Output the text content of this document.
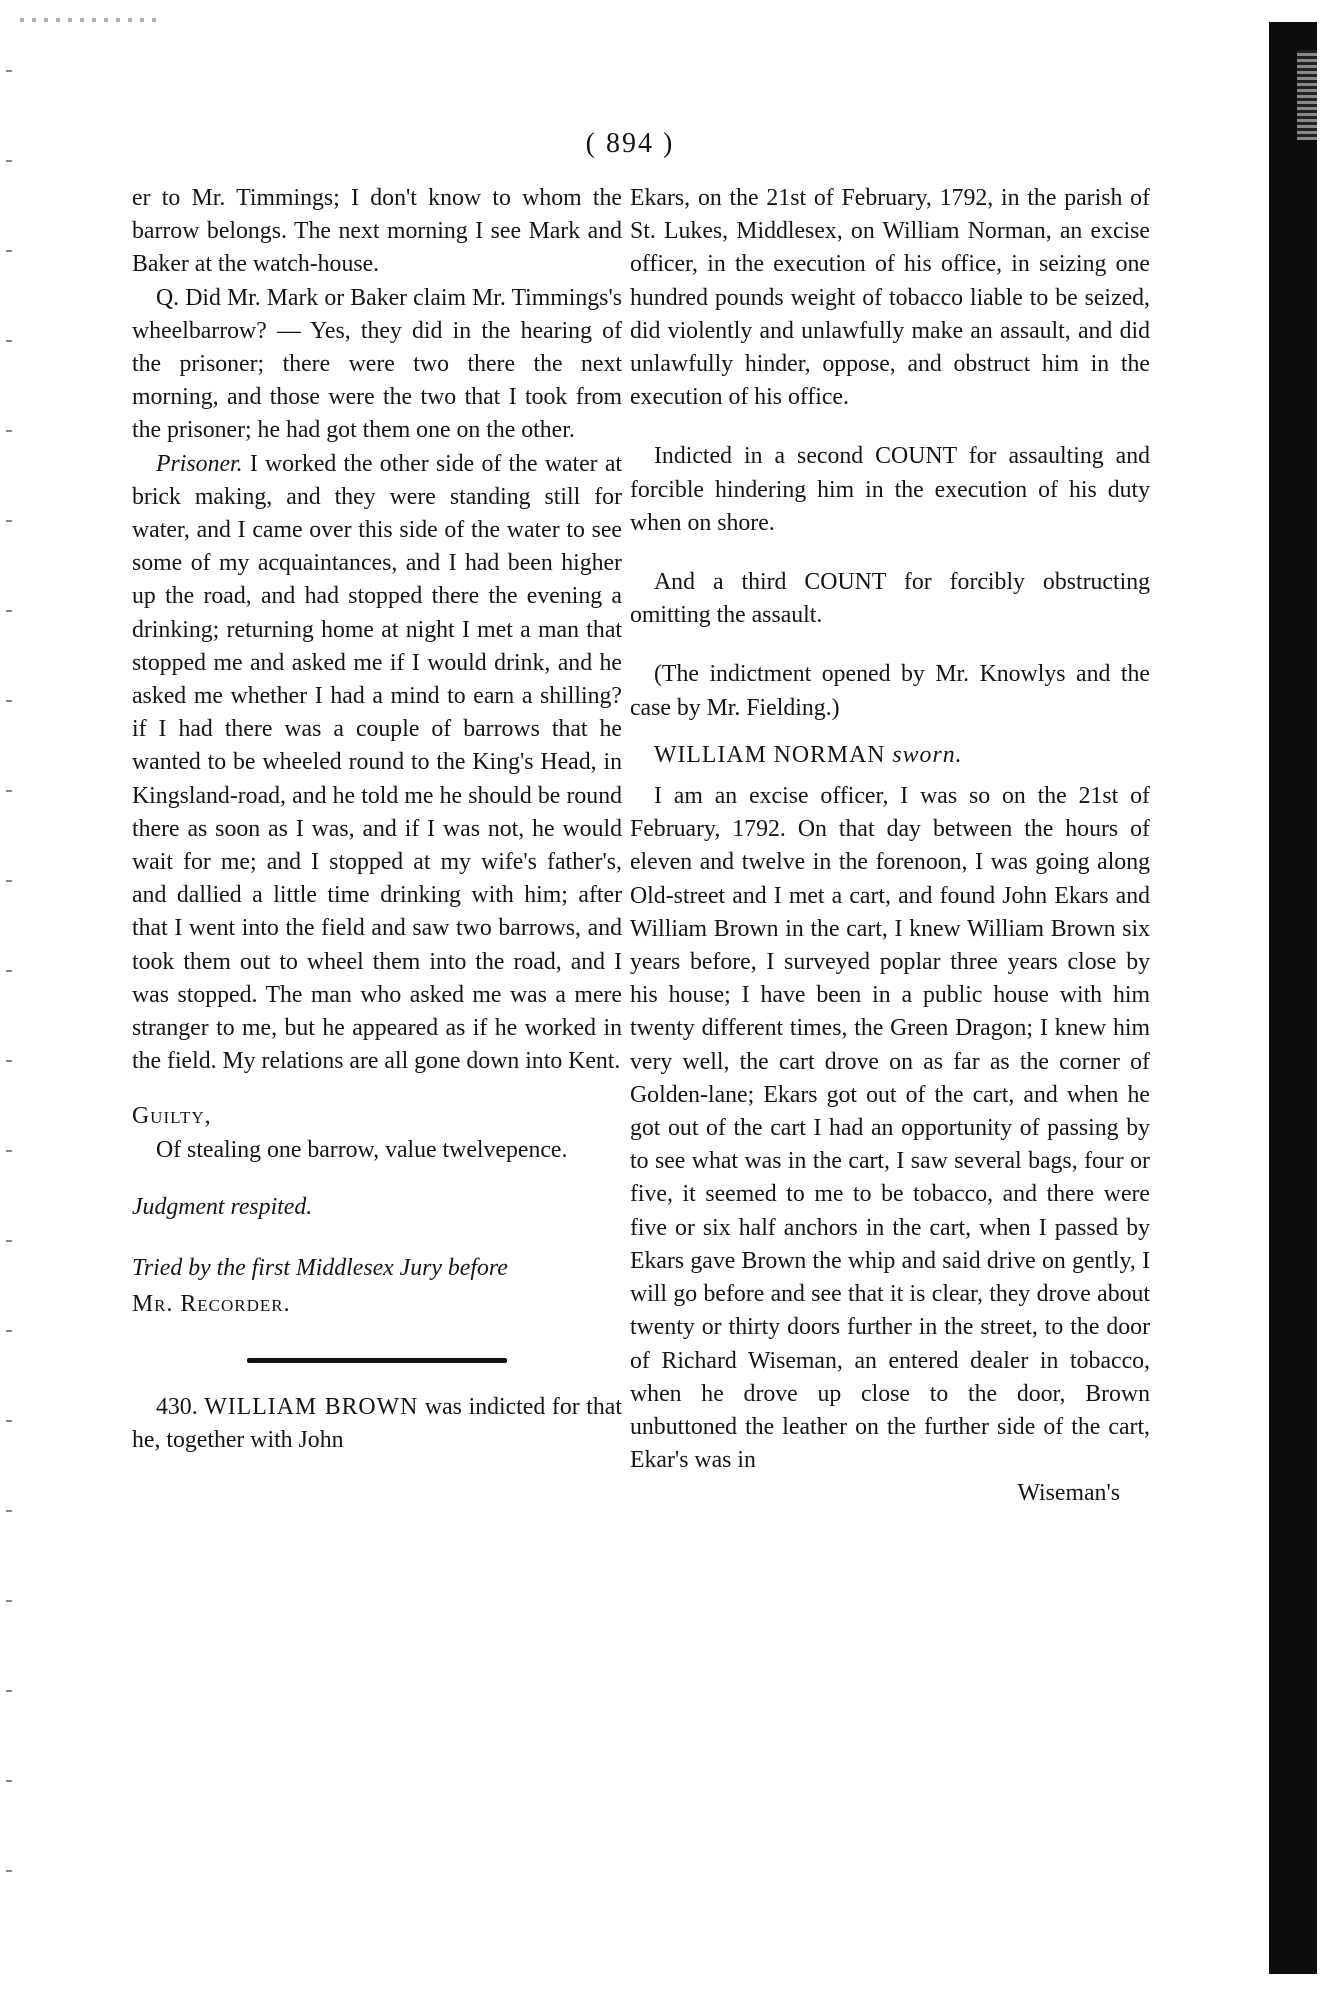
( 894 )

er to Mr. Timmings; I don't know to whom the barrow belongs. The next morning I see Mark and Baker at the watch-house.

Q. Did Mr. Mark or Baker claim Mr. Timmings's wheelbarrow? — Yes, they did in the hearing of the prisoner; there were two there the next morning, and those were the two that I took from the prisoner; he had got them one on the other.

Prisoner. I worked the other side of the water at brick making, and they were standing still for water, and I came over this side of the water to see some of my acquaintances, and I had been higher up the road, and had stopped there the evening a drinking; returning home at night I met a man that stopped me and asked me if I would drink, and he asked me whether I had a mind to earn a shilling? if I had there was a couple of barrows that he wanted to be wheeled round to the King's Head, in Kingsland-road, and he told me he should be round there as soon as I was, and if I was not, he would wait for me; and I stopped at my wife's father's, and dallied a little time drinking with him; after that I went into the field and saw two barrows, and took them out to wheel them into the road, and I was stopped. The man who asked me was a mere stranger to me, but he appeared as if he worked in the field. My relations are all gone down into Kent.

Guilty,

Of stealing one barrow, value twelvepence.

Judgment respited.

Tried by the first Middlesex Jury before
Mr. Recorder.

430. WILLIAM BROWN was indicted for that he, together with John

Ekars, on the 21st of February, 1792, in the parish of St. Lukes, Middlesex, on William Norman, an excise officer, in the execution of his office, in seizing one hundred pounds weight of tobacco liable to be seized, did violently and unlawfully make an assault, and did unlawfully hinder, oppose, and obstruct him in the execution of his office.

Indicted in a second COUNT for assaulting and forcible hindering him in the execution of his duty when on shore.

And a third COUNT for forcibly obstructing omitting the assault.

(The indictment opened by Mr. Knowlys and the case by Mr. Fielding.)

WILLIAM NORMAN sworn.

I am an excise officer, I was so on the 21st of February, 1792. On that day between the hours of eleven and twelve in the forenoon, I was going along Old-street and I met a cart, and found John Ekars and William Brown in the cart, I knew William Brown six years before, I surveyed poplar three years close by his house; I have been in a public house with him twenty different times, the Green Dragon; I knew him very well, the cart drove on as far as the corner of Golden-lane; Ekars got out of the cart, and when he got out of the cart I had an opportunity of passing by to see what was in the cart, I saw several bags, four or five, it seemed to me to be tobacco, and there were five or six half anchors in the cart, when I passed by Ekars gave Brown the whip and said drive on gently, I will go before and see that it is clear, they drove about twenty or thirty doors further in the street, to the door of Richard Wiseman, an entered dealer in tobacco, when he drove up close to the door, Brown unbuttoned the leather on the further side of the cart, Ekar's was in

Wiseman's
